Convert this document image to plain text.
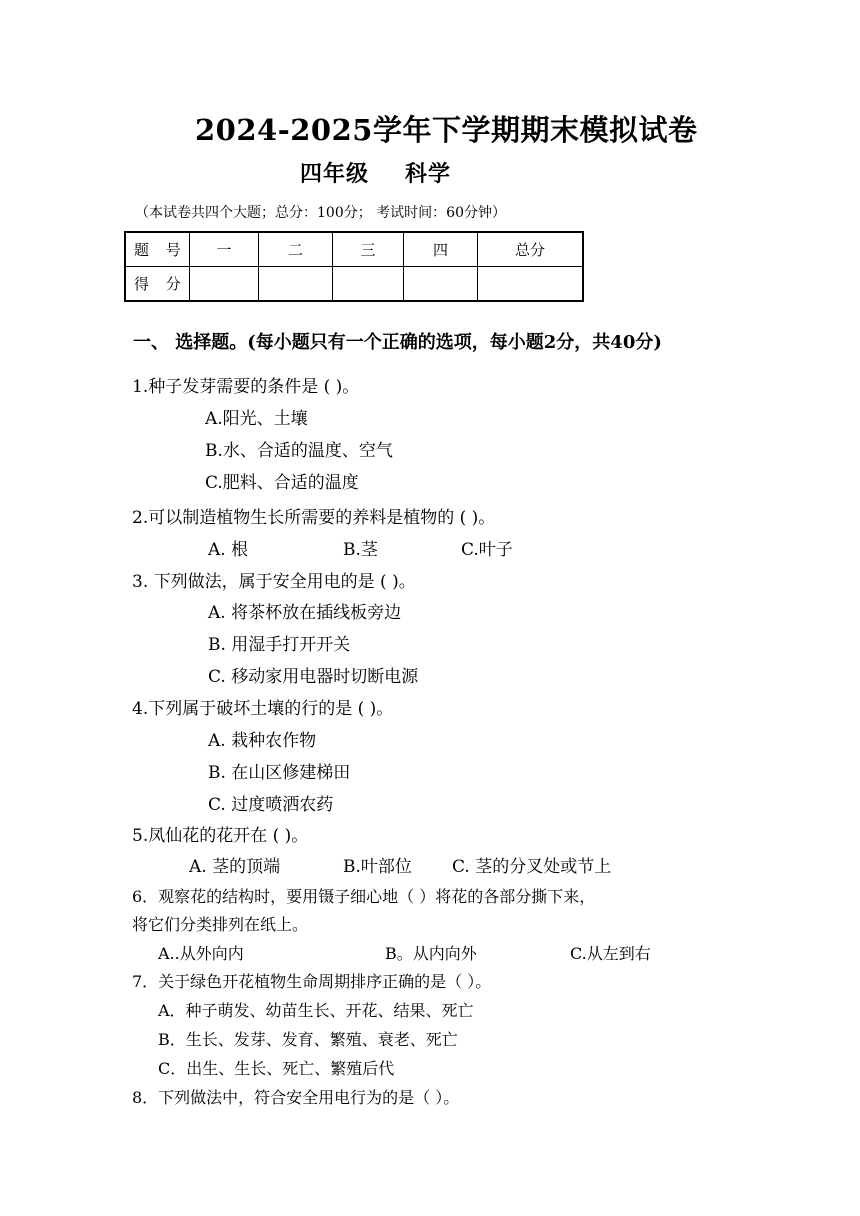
2024-2025学年下学期期末模拟试卷
四年级 科学
（本试卷共四个大题；总分：100分； 考试时间：60分钟）
题 号	一	二	三	四	总分
得 分					
一、 选择题。(每小题只有一个正确的选项，每小题2分，共40分)
1.种子发芽需要的条件是 ( )。
A.阳光、土壤
B.水、合适的温度、空气
C.肥料、合适的温度
2.可以制造植物生长所需要的养料是植物的 ( )。
A. 根	B.茎	C.叶子
3. 下列做法，属于安全用电的是 ( )。
A. 将茶杯放在插线板旁边
B. 用湿手打开开关
C. 移动家用电器时切断电源
4.下列属于破坏土壤的行的是 ( )。
A. 栽种农作物
B. 在山区修建梯田
C. 过度喷洒农药
5.凤仙花的花开在 ( )。
A. 茎的顶端	B.叶部位 C. 茎的分叉处或节上
6．观察花的结构时，要用镊子细心地（ ）将花的各部分撕下来，
将它们分类排列在纸上。
A..从外向内	B。从内向外	C.从左到右
7．关于绿色开花植物生命周期排序正确的是（ ）。
A．种子萌发、幼苗生长、开花、结果、死亡
B．生长、发芽、发育、繁殖、衰老、死亡
C．出生、生长、死亡、繁殖后代
8．下列做法中，符合安全用电行为的是（ ）。
